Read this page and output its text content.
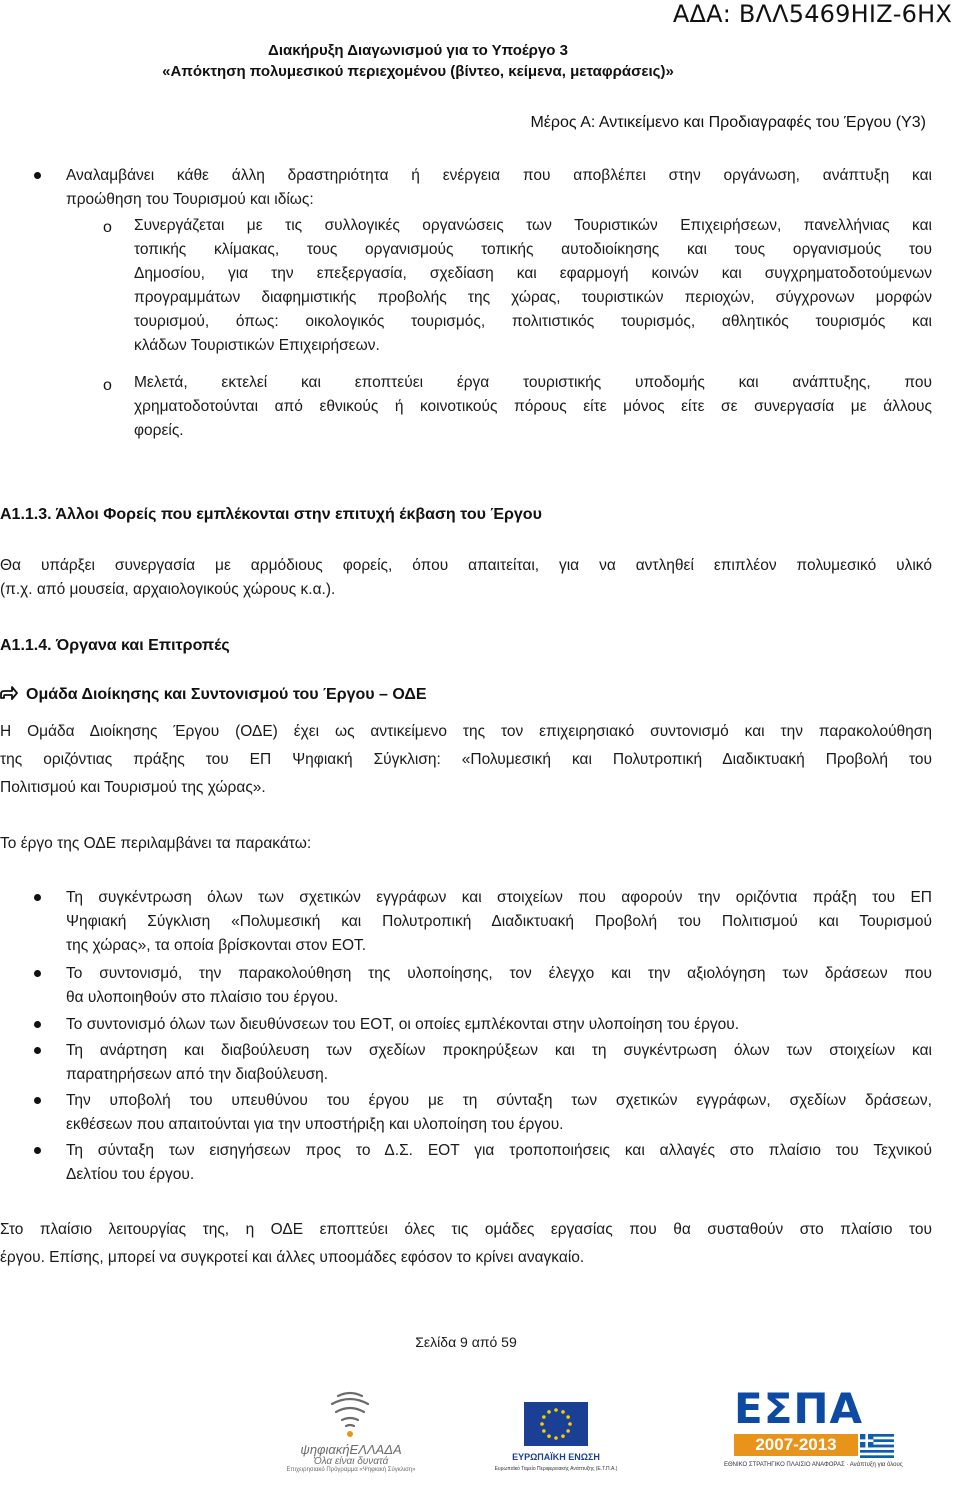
ΑΔΑ: ΒΛΛ5469ΗΙΖ-6ΗΧ
Διακήρυξη Διαγωνισμού για το Υποέργο 3
«Απόκτηση πολυμεσικού περιεχομένου (βίντεο, κείμενα, μεταφράσεις)»
Μέρος Α: Αντικείμενο και Προδιαγραφές του Έργου (Υ3)
Αναλαμβάνει κάθε άλλη δραστηριότητα ή ενέργεια που αποβλέπει στην οργάνωση, ανάπτυξη και
προώθηση του Τουρισμού και ιδίως:
o Συνεργάζεται με τις συλλογικές οργανώσεις των Τουριστικών Επιχειρήσεων, πανελλήνιας και
τοπικής κλίμακας, τους οργανισμούς τοπικής αυτοδιοίκησης και τους οργανισμούς του
Δημοσίου, για την επεξεργασία, σχεδίαση και εφαρμογή κοινών και συγχρηματοδοτούμενων
προγραμμάτων διαφημιστικής προβολής της χώρας, τουριστικών περιοχών, σύγχρονων μορφών
τουρισμού, όπως: οικολογικός τουρισμός, πολιτιστικός τουρισμός, αθλητικός τουρισμός και
κλάδων Τουριστικών Επιχειρήσεων.
o Μελετά, εκτελεί και εποπτεύει έργα τουριστικής υποδομής και ανάπτυξης, που
χρηματοδοτούνται από εθνικούς ή κοινοτικούς πόρους είτε μόνος είτε σε συνεργασία με άλλους
φορείς.
Α1.1.3. Άλλοι Φορείς που εμπλέκονται στην επιτυχή έκβαση του Έργου
Θα υπάρξει συνεργασία με αρμόδιους φορείς, όπου απαιτείται, για να αντληθεί επιπλέον πολυμεσικό υλικό
(π.χ. από μουσεία, αρχαιολογικούς χώρους κ.α.).
Α1.1.4. Όργανα και Επιτροπές
Ομάδα Διοίκησης και Συντονισμού του Έργου – ΟΔΕ
Η Ομάδα Διοίκησης Έργου (ΟΔΕ) έχει ως αντικείμενο της τον επιχειρησιακό συντονισμό και την παρακολούθηση
της οριζόντιας πράξης του ΕΠ Ψηφιακή Σύγκλιση: «Πολυμεσική και Πολυτροπική Διαδικτυακή Προβολή του
Πολιτισμού και Τουρισμού της χώρας».
Το έργο της ΟΔΕ περιλαμβάνει τα παρακάτω:
Τη συγκέντρωση όλων των σχετικών εγγράφων και στοιχείων που αφορούν την οριζόντια πράξη του ΕΠ
Ψηφιακή Σύγκλιση «Πολυμεσική και Πολυτροπική Διαδικτυακή Προβολή του Πολιτισμού και Τουρισμού
της χώρας», τα οποία βρίσκονται στον ΕΟΤ.
Το συντονισμό, την παρακολούθηση της υλοποίησης, τον έλεγχο και την αξιολόγηση των δράσεων που
θα υλοποιηθούν στο πλαίσιο του έργου.
Το συντονισμό όλων των διευθύνσεων του ΕΟΤ, οι οποίες εμπλέκονται στην υλοποίηση του έργου.
Τη ανάρτηση και διαβούλευση των σχεδίων προκηρύξεων και τη συγκέντρωση όλων των στοιχείων και
παρατηρήσεων από την διαβούλευση.
Την υποβολή του υπευθύνου του έργου με τη σύνταξη των σχετικών εγγράφων, σχεδίων δράσεων,
εκθέσεων που απαιτούνται για την υποστήριξη και υλοποίηση του έργου.
Τη σύνταξη των εισηγήσεων προς το Δ.Σ. ΕΟΤ για τροποποιήσεις και αλλαγές στο πλαίσιο του Τεχνικού
Δελτίου του έργου.
Στο πλαίσιο λειτουργίας της, η ΟΔΕ εποπτεύει όλες τις ομάδες εργασίας που θα συσταθούν στο πλαίσιο του
έργου. Επίσης, μπορεί να συγκροτεί και άλλες υποομάδες εφόσον το κρίνει αναγκαίο.
Σελίδα 9 από 59
ψηφιακήΕΛΛΑΔΑ
Όλα είναι δυνατά
Επιχειρησιακό Πρόγραμμα «Ψηφιακή Σύγκλιση»
ΕΥΡΩΠΑΪΚΗ ΕΝΩΣΗ
Ευρωπαϊκό Ταμείο Περιφερειακής Ανάπτυξης (Ε.Τ.Π.Α.)
ΕΣΠΑ
2007-2013
ΕΘΝΙΚΟ ΣΤΡΑΤΗΓΙΚΟ ΠΛΑΙΣΙΟ ΑΝΑΦΟΡΑΣ · Ανάπτυξη για όλους
